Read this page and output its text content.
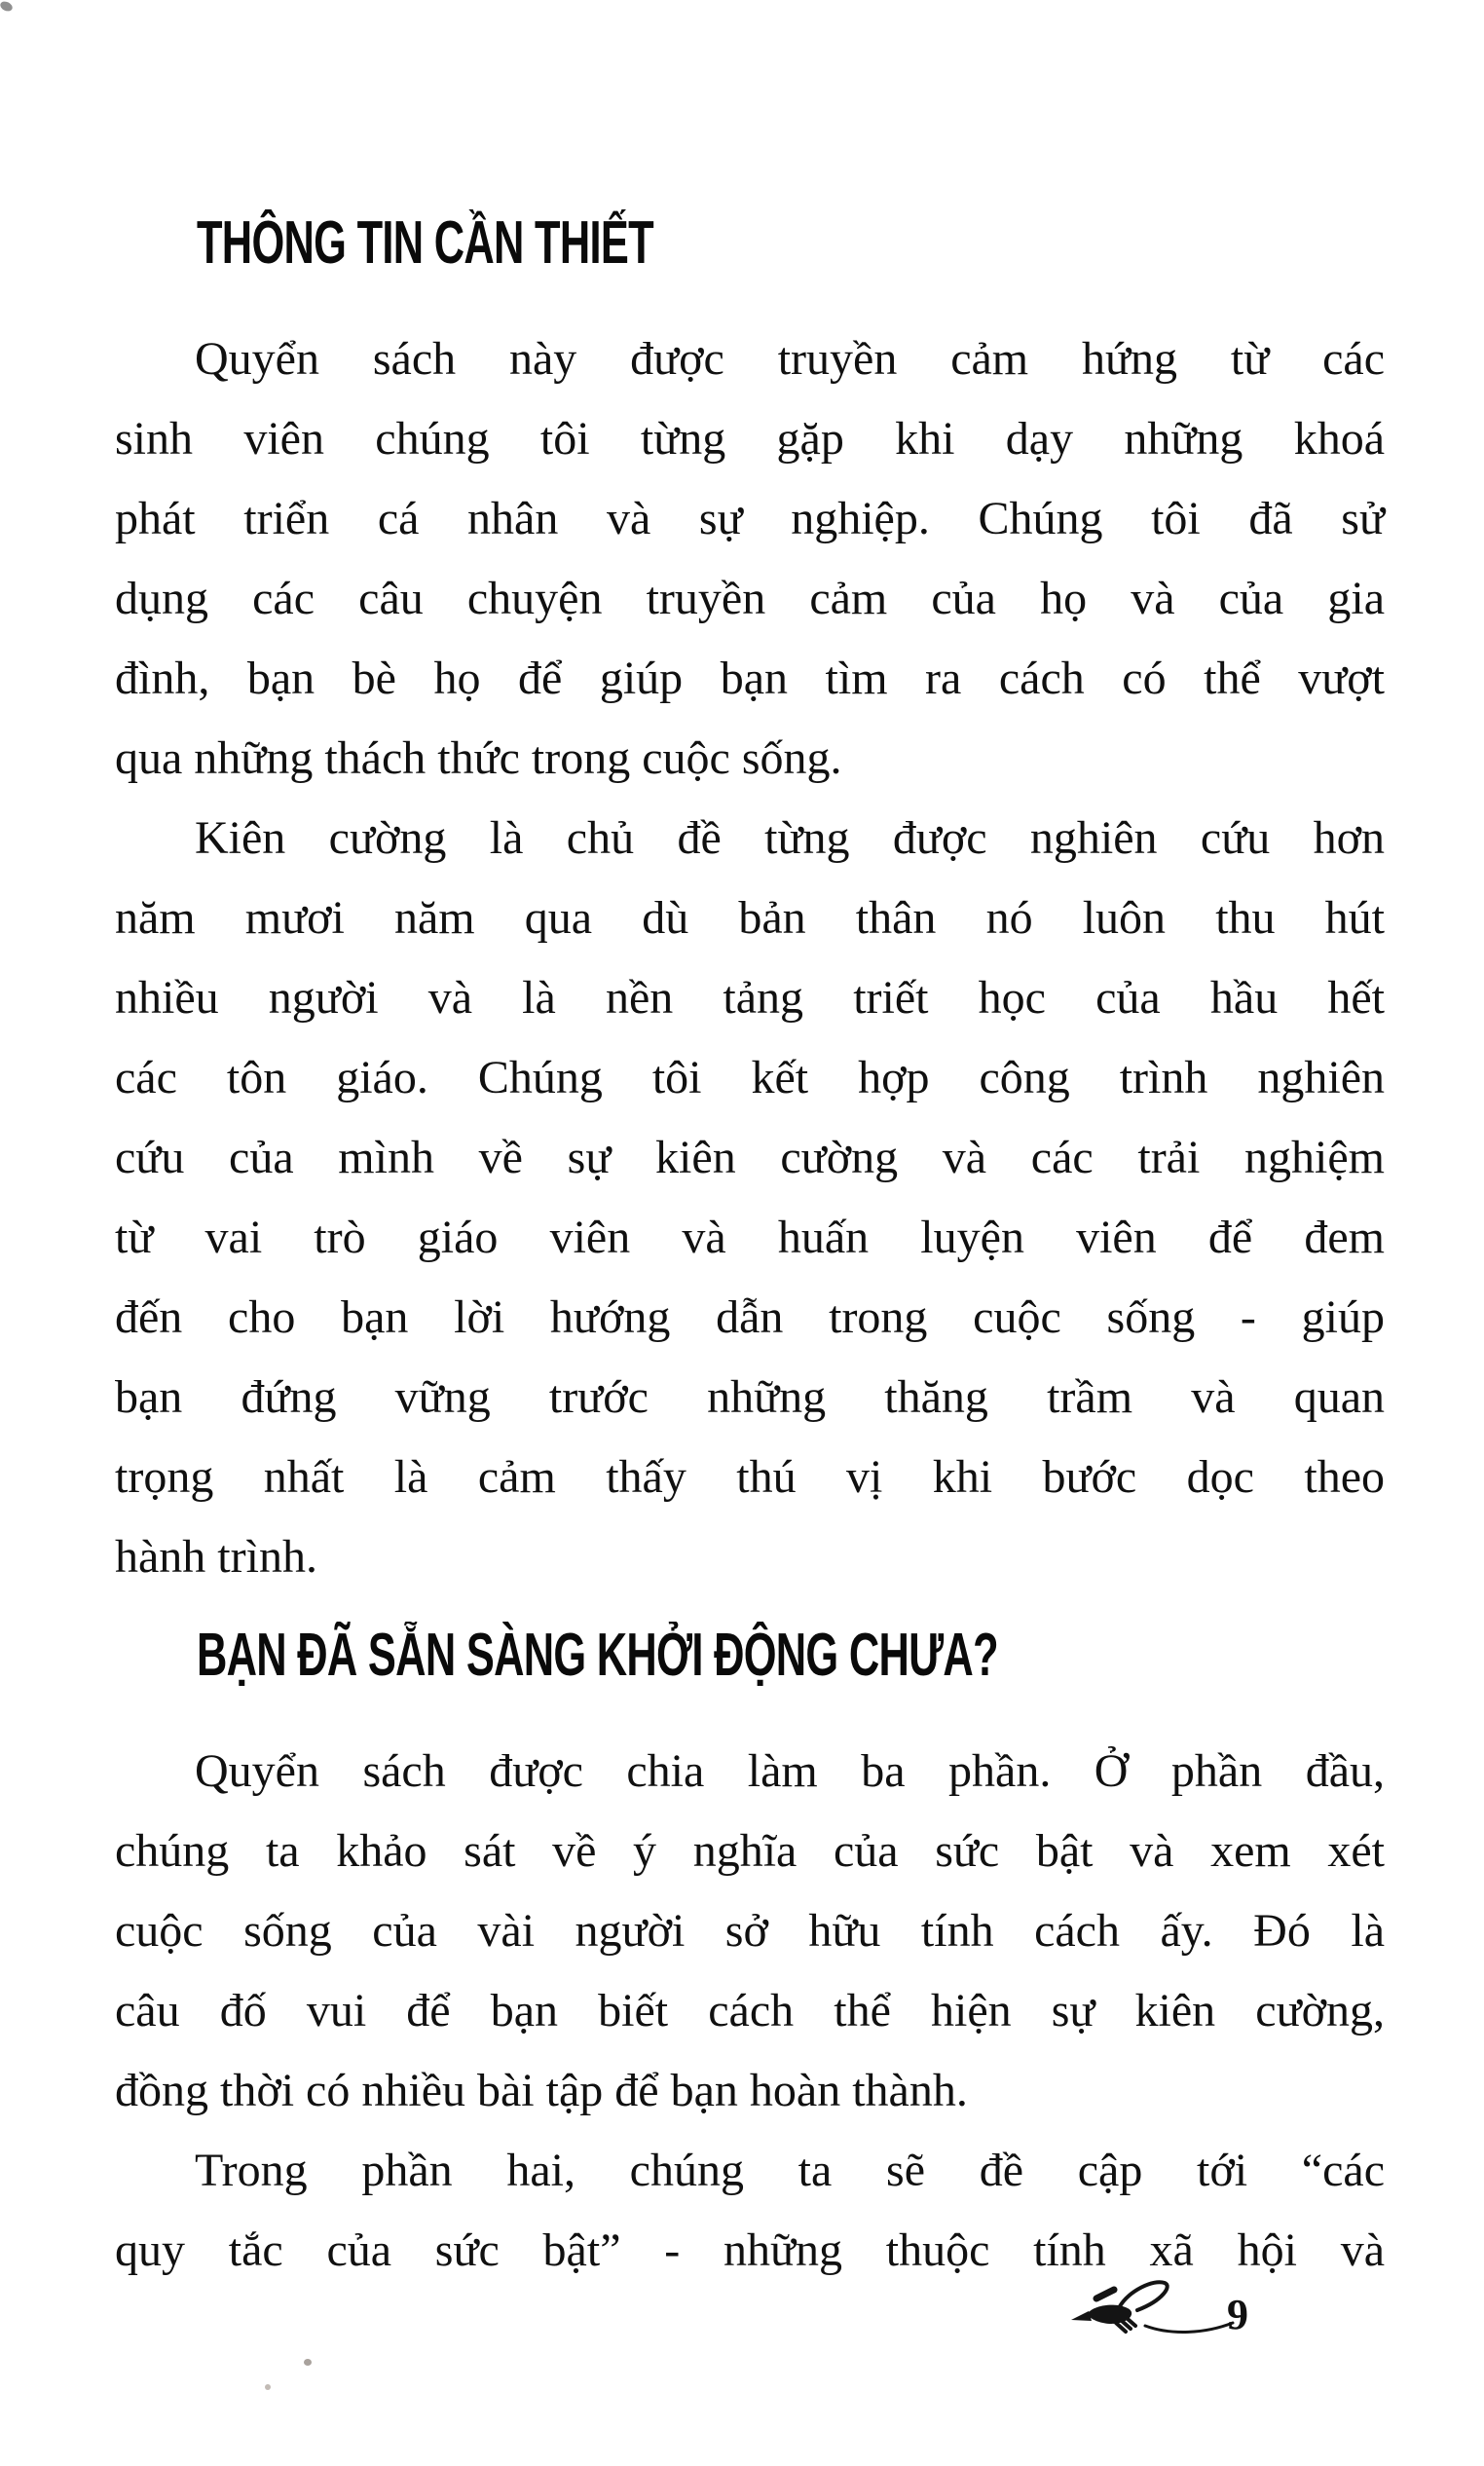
THÔNG TIN CẦN THIẾT
Quyển sách này được truyền cảm hứng từ các
sinh viên chúng tôi từng gặp khi dạy những khoá
phát triển cá nhân và sự nghiệp. Chúng tôi đã sử
dụng các câu chuyện truyền cảm của họ và của gia
đình, bạn bè họ để giúp bạn tìm ra cách có thể vượt
qua những thách thức trong cuộc sống.
Kiên cường là chủ đề từng được nghiên cứu hơn
năm mươi năm qua dù bản thân nó luôn thu hút
nhiều người và là nền tảng triết học của hầu hết
các tôn giáo. Chúng tôi kết hợp công trình nghiên
cứu của mình về sự kiên cường và các trải nghiệm
từ vai trò giáo viên và huấn luyện viên để đem
đến cho bạn lời hướng dẫn trong cuộc sống - giúp
bạn đứng vững trước những thăng trầm và quan
trọng nhất là cảm thấy thú vị khi bước dọc theo
hành trình.
BẠN ĐÃ SẴN SÀNG KHỞI ĐỘNG CHƯA?
Quyển sách được chia làm ba phần. Ở phần đầu,
chúng ta khảo sát về ý nghĩa của sức bật và xem xét
cuộc sống của vài người sở hữu tính cách ấy. Đó là
câu đố vui để bạn biết cách thể hiện sự kiên cường,
đồng thời có nhiều bài tập để bạn hoàn thành.
Trong phần hai, chúng ta sẽ đề cập tới “các
quy tắc của sức bật” - những thuộc tính xã hội và
9
